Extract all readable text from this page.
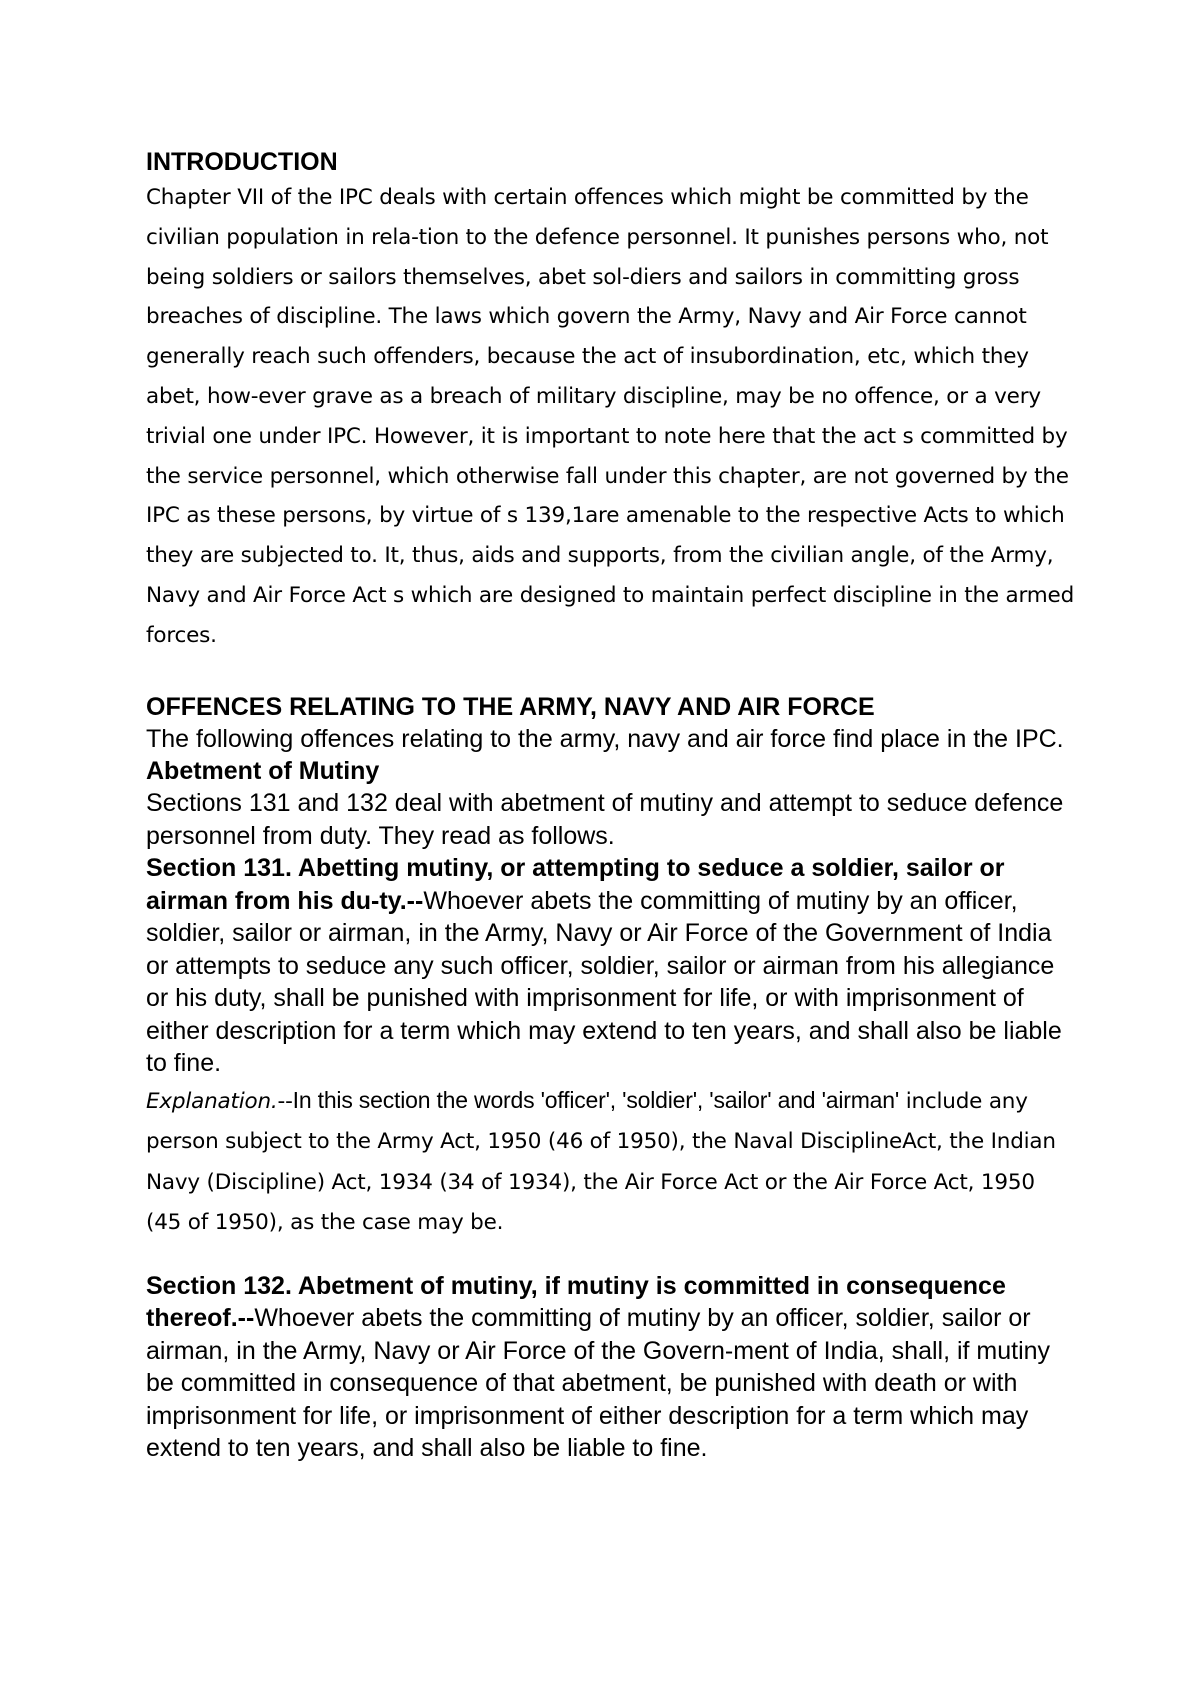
INTRODUCTION

Chapter VII of the IPC deals with certain offences which might be committed by the civilian population in rela-tion to the defence personnel. It punishes persons who, not being soldiers or sailors themselves, abet sol-diers and sailors in committing gross breaches of discipline. The laws which govern the Army, Navy and Air Force cannot generally reach such offenders, because the act of insubordination, etc, which they abet, how-ever grave as a breach of military discipline, may be no offence, or a very trivial one under IPC. However, it is important to note here that the act s committed by the service personnel, which otherwise fall under this chapter, are not governed by the IPC as these persons, by virtue of s 139,1are amenable to the respective Acts to which they are subjected to. It, thus, aids and supports, from the civilian angle, of the Army, Navy and Air Force Act s which are designed to maintain perfect discipline in the armed forces.

OFFENCES RELATING TO THE ARMY, NAVY AND AIR FORCE

The following offences relating to the army, navy and air force find place in the IPC.

Abetment of Mutiny

Sections 131 and 132 deal with abetment of mutiny and attempt to seduce defence personnel from duty. They read as follows.

Section 131. Abetting mutiny, or attempting to seduce a soldier, sailor or airman from his du-ty.--Whoever abets the committing of mutiny by an officer, soldier, sailor or airman, in the Army, Navy or Air Force of the Government of India or attempts to seduce any such officer, soldier, sailor or airman from his allegiance or his duty, shall be punished with imprisonment for life, or with imprisonment of either description for a term which may extend to ten years, and shall also be liable to fine.

Explanation.--In this section the words 'officer', 'soldier', 'sailor' and 'airman' include any person subject to the Army Act, 1950 (46 of 1950), the Naval DisciplineAct, the Indian Navy (Discipline) Act, 1934 (34 of 1934), the Air Force Act or the Air Force Act, 1950 (45 of 1950), as the case may be.

Section 132. Abetment of mutiny, if mutiny is committed in consequence thereof.--Whoever abets the committing of mutiny by an officer, soldier, sailor or airman, in the Army, Navy or Air Force of the Govern-ment of India, shall, if mutiny be committed in consequence of that abetment, be punished with death or with imprisonment for life, or imprisonment of either description for a term which may extend to ten years, and shall also be liable to fine.
